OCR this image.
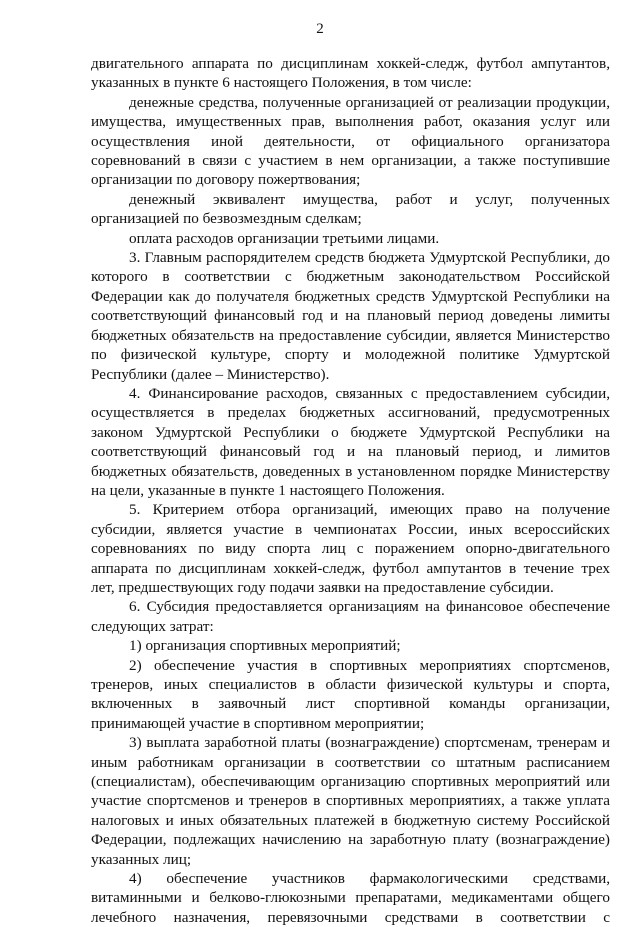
2
двигательного аппарата по дисциплинам хоккей-следж, футбол ампутантов,
указанных в пункте 6 настоящего Положения, в том числе:
денежные средства, полученные организацией от реализации продукции,
имущества, имущественных прав, выполнения работ, оказания услуг или
осуществления иной деятельности, от официального организатора
соревнований в связи с участием в нем организации, а также поступившие
организации по договору пожертвования;
денежный эквивалент имущества, работ и услуг, полученных
организацией по безвозмездным сделкам;
оплата расходов организации третьими лицами.
3. Главным распорядителем средств бюджета Удмуртской Республики, до
которого в соответствии с бюджетным законодательством Российской
Федерации как до получателя бюджетных средств Удмуртской Республики на
соответствующий финансовый год и на плановый период доведены лимиты
бюджетных обязательств на предоставление субсидии, является Министерство
по физической культуре, спорту и молодежной политике Удмуртской
Республики (далее – Министерство).
4. Финансирование расходов, связанных с предоставлением субсидии,
осуществляется в пределах бюджетных ассигнований, предусмотренных
законом Удмуртской Республики о бюджете Удмуртской Республики на
соответствующий финансовый год и на плановый период, и лимитов
бюджетных обязательств, доведенных в установленном порядке Министерству
на цели, указанные в пункте 1 настоящего Положения.
5. Критерием отбора организаций, имеющих право на получение
субсидии, является участие в чемпионатах России, иных всероссийских
соревнованиях по виду спорта лиц с поражением опорно-двигательного
аппарата по дисциплинам хоккей-следж, футбол ампутантов в течение трех
лет, предшествующих году подачи заявки на предоставление субсидии.
6. Субсидия предоставляется организациям на финансовое обеспечение
следующих затрат:
1) организация спортивных мероприятий;
2) обеспечение участия в спортивных мероприятиях спортсменов,
тренеров, иных специалистов в области физической культуры и спорта,
включенных в заявочный лист спортивной команды организации,
принимающей участие в спортивном мероприятии;
3) выплата заработной платы (вознаграждение) спортсменам, тренерам и
иным работникам организации в соответствии со штатным расписанием
(специалистам), обеспечивающим организацию спортивных мероприятий или
участие спортсменов и тренеров в спортивных мероприятиях, а также уплата
налоговых и иных обязательных платежей в бюджетную систему Российской
Федерации, подлежащих начислению на заработную плату (вознаграждение)
указанных лиц;
4) обеспечение участников фармакологическими средствами,
витаминными и белково-глюкозными препаратами, медикаментами общего
лечебного назначения, перевязочными средствами в соответствии с
